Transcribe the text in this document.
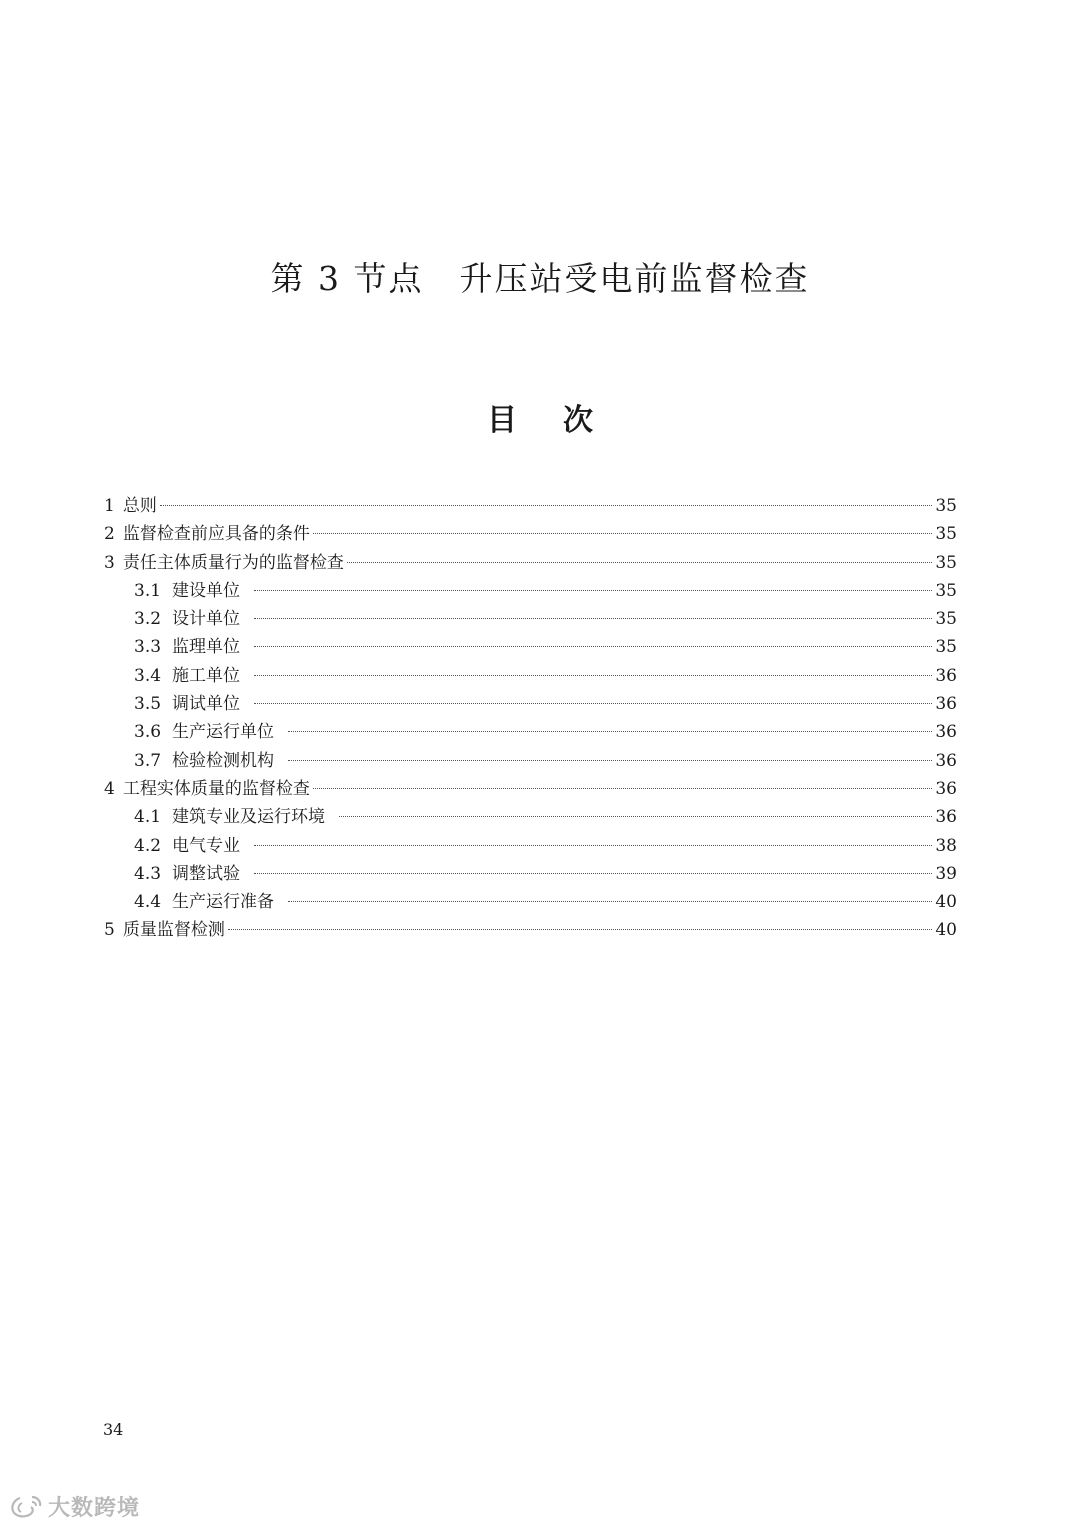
第 3 节点 升压站受电前监督检查
目 次
1 总则	35
2 监督检查前应具备的条件	35
3 责任主体质量行为的监督检查	35
3.1 建设单位	35
3.2 设计单位	35
3.3 监理单位	35
3.4 施工单位	36
3.5 调试单位	36
3.6 生产运行单位	36
3.7 检验检测机构	36
4 工程实体质量的监督检查	36
4.1 建筑专业及运行环境	36
4.2 电气专业	38
4.3 调整试验	39
4.4 生产运行准备	40
5 质量监督检测	40
34
大数跨境
